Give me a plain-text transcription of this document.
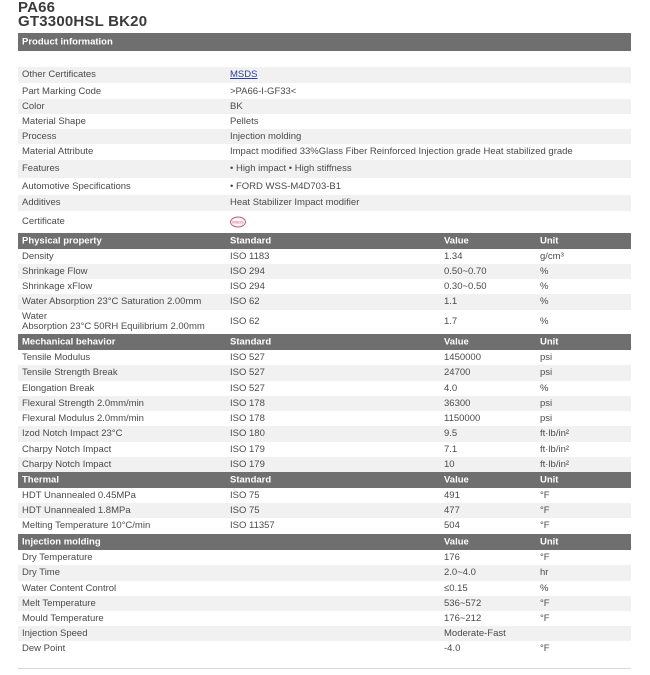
PA66
GT3300HSL BK20
Product information
Other Certificates	MSDS
Part Marking Code	>PA66-I-GF33<
Color	BK
Material Shape	Pellets
Process	Injection molding
Material Attribute	Impact modified 33%Glass Fiber Reinforced Injection grade Heat stabilized grade
Features	• High impact • High stiffness
Automotive Specifications	• FORD WSS-M4D703-B1
Additives	Heat Stabilizer Impact modifier
Certificate	MSDS
Physical property	Standard	Value	Unit
Density	ISO 1183	1.34	g/cm³
Shrinkage Flow	ISO 294	0.50~0.70	%
Shrinkage xFlow	ISO 294	0.30~0.50	%
Water Absorption 23°C Saturation 2.00mm	ISO 62	1.1	%
Water
Absorption 23°C 50RH Equilibrium 2.00mm	ISO 62	1.7	%
Mechanical behavior	Standard	Value	Unit
Tensile Modulus	ISO 527	1450000	psi
Tensile Strength Break	ISO 527	24700	psi
Elongation Break	ISO 527	4.0	%
Flexural Strength 2.0mm/min	ISO 178	36300	psi
Flexural Modulus 2.0mm/min	ISO 178	1150000	psi
Izod Notch Impact 23°C	ISO 180	9.5	ft·lb/in²
Charpy Notch Impact	ISO 179	7.1	ft·lb/in²
Charpy Notch Impact	ISO 179	10	ft·lb/in²
Thermal	Standard	Value	Unit
HDT Unannealed 0.45MPa	ISO 75	491	°F
HDT Unannealed 1.8MPa	ISO 75	477	°F
Melting Temperature 10°C/min	ISO 11357	504	°F
Injection molding	Value	Unit
Dry Temperature	176	°F
Dry Time	2.0~4.0	hr
Water Content Control	≤0.15	%
Melt Temperature	536~572	°F
Mould Temperature	176~212	°F
Injection Speed	Moderate-Fast
Dew Point	-4.0	°F
